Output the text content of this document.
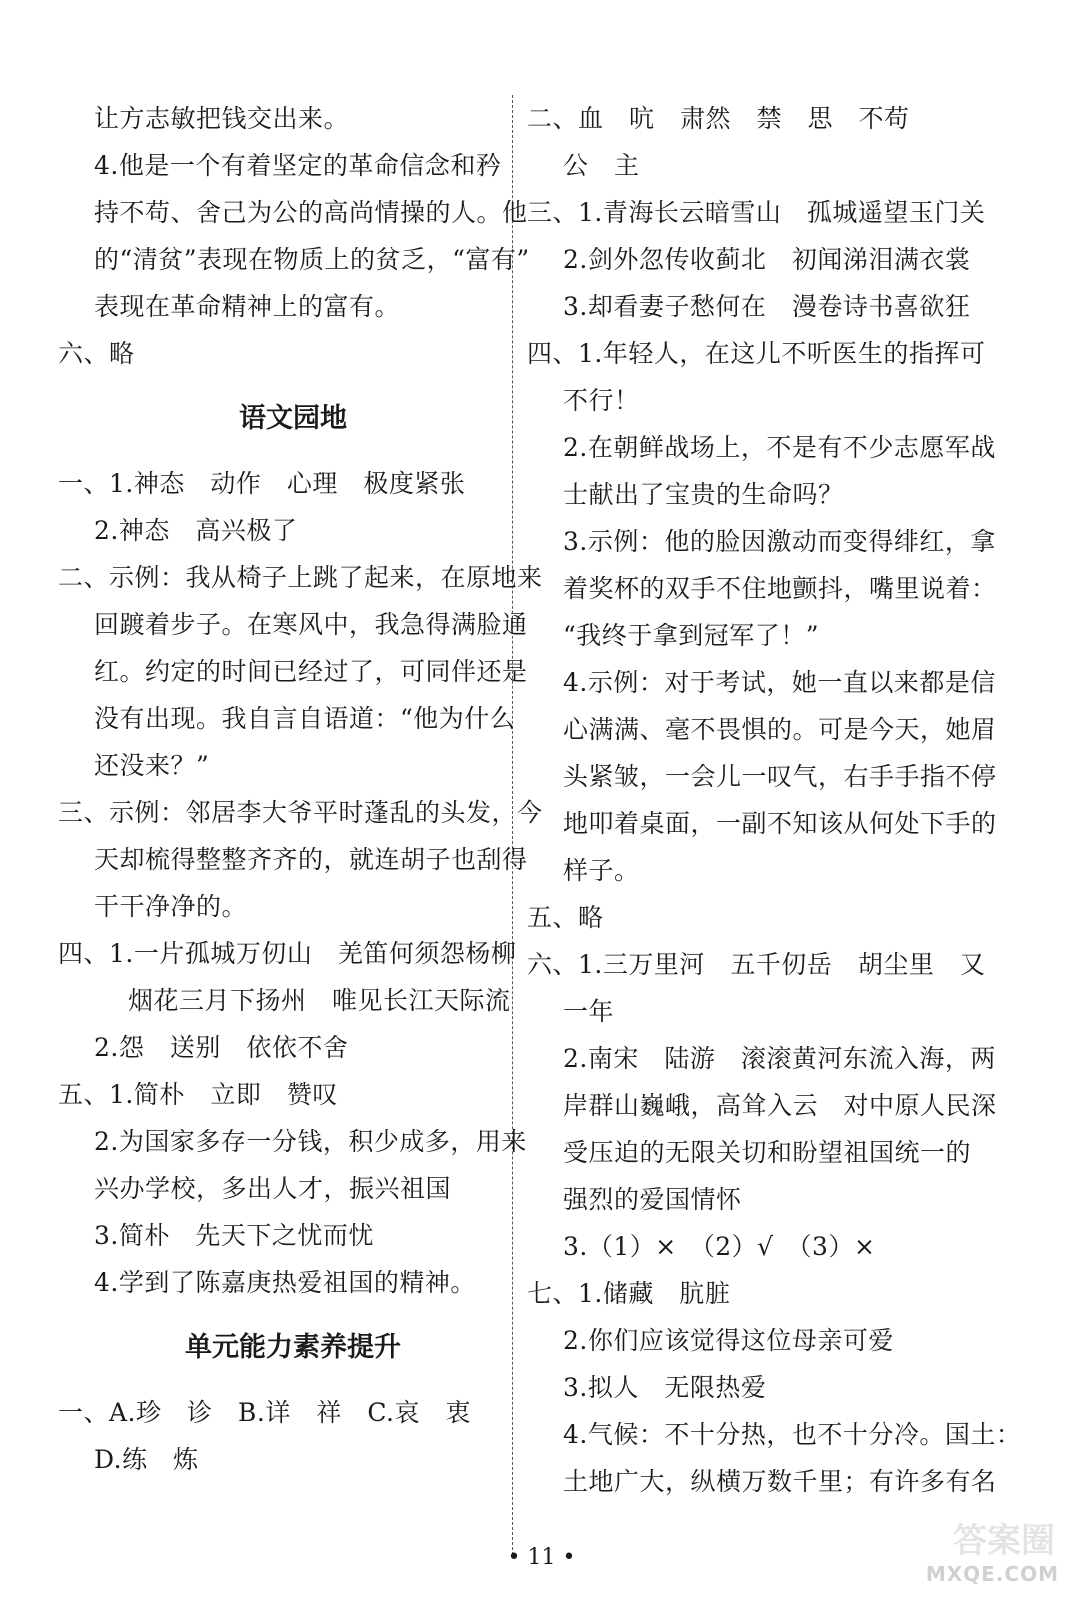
让方志敏把钱交出来。
4.他是一个有着坚定的革命信念和矜
持不苟、舍己为公的高尚情操的人。他
的“清贫”表现在物质上的贫乏，“富有”
表现在革命精神上的富有。
六、略
语文园地
一、1.神态　动作　心理　极度紧张
2.神态　高兴极了
二、示例：我从椅子上跳了起来，在原地来
回踱着步子。在寒风中，我急得满脸通
红。约定的时间已经过了，可同伴还是
没有出现。我自言自语道：“他为什么
还没来？”
三、示例：邻居李大爷平时蓬乱的头发，今
天却梳得整整齐齐的，就连胡子也刮得
干干净净的。
四、1.一片孤城万仞山　羌笛何须怨杨柳
烟花三月下扬州　唯见长江天际流
2.怨　送别　依依不舍
五、1.简朴　立即　赞叹
2.为国家多存一分钱，积少成多，用来
兴办学校，多出人才，振兴祖国
3.简朴　先天下之忧而忧
4.学到了陈嘉庚热爱祖国的精神。
单元能力素养提升
一、A.珍　诊　B.详　祥　C.哀　衷
D.练　炼
二、血　吭　肃然　禁　思　不苟
公　主
三、1.青海长云暗雪山　孤城遥望玉门关
2.剑外忽传收蓟北　初闻涕泪满衣裳
3.却看妻子愁何在　漫卷诗书喜欲狂
四、1.年轻人，在这儿不听医生的指挥可
不行！
2.在朝鲜战场上，不是有不少志愿军战
士献出了宝贵的生命吗？
3.示例：他的脸因激动而变得绯红，拿
着奖杯的双手不住地颤抖，嘴里说着：
“我终于拿到冠军了！”
4.示例：对于考试，她一直以来都是信
心满满、毫不畏惧的。可是今天，她眉
头紧皱，一会儿一叹气，右手手指不停
地叩着桌面，一副不知该从何处下手的
样子。
五、略
六、1.三万里河　五千仞岳　胡尘里　又
一年
2.南宋　陆游　滚滚黄河东流入海，两
岸群山巍峨，高耸入云　对中原人民深
受压迫的无限关切和盼望祖国统一的
强烈的爱国情怀
3.（1）×　（2）√　（3）×
七、1.储藏　肮脏
2.你们应该觉得这位母亲可爱
3.拟人　无限热爱
4.气候：不十分热，也不十分冷。国土：
土地广大，纵横万数千里；有许多有名
• 11 •	答案圈
MXQE.COM
